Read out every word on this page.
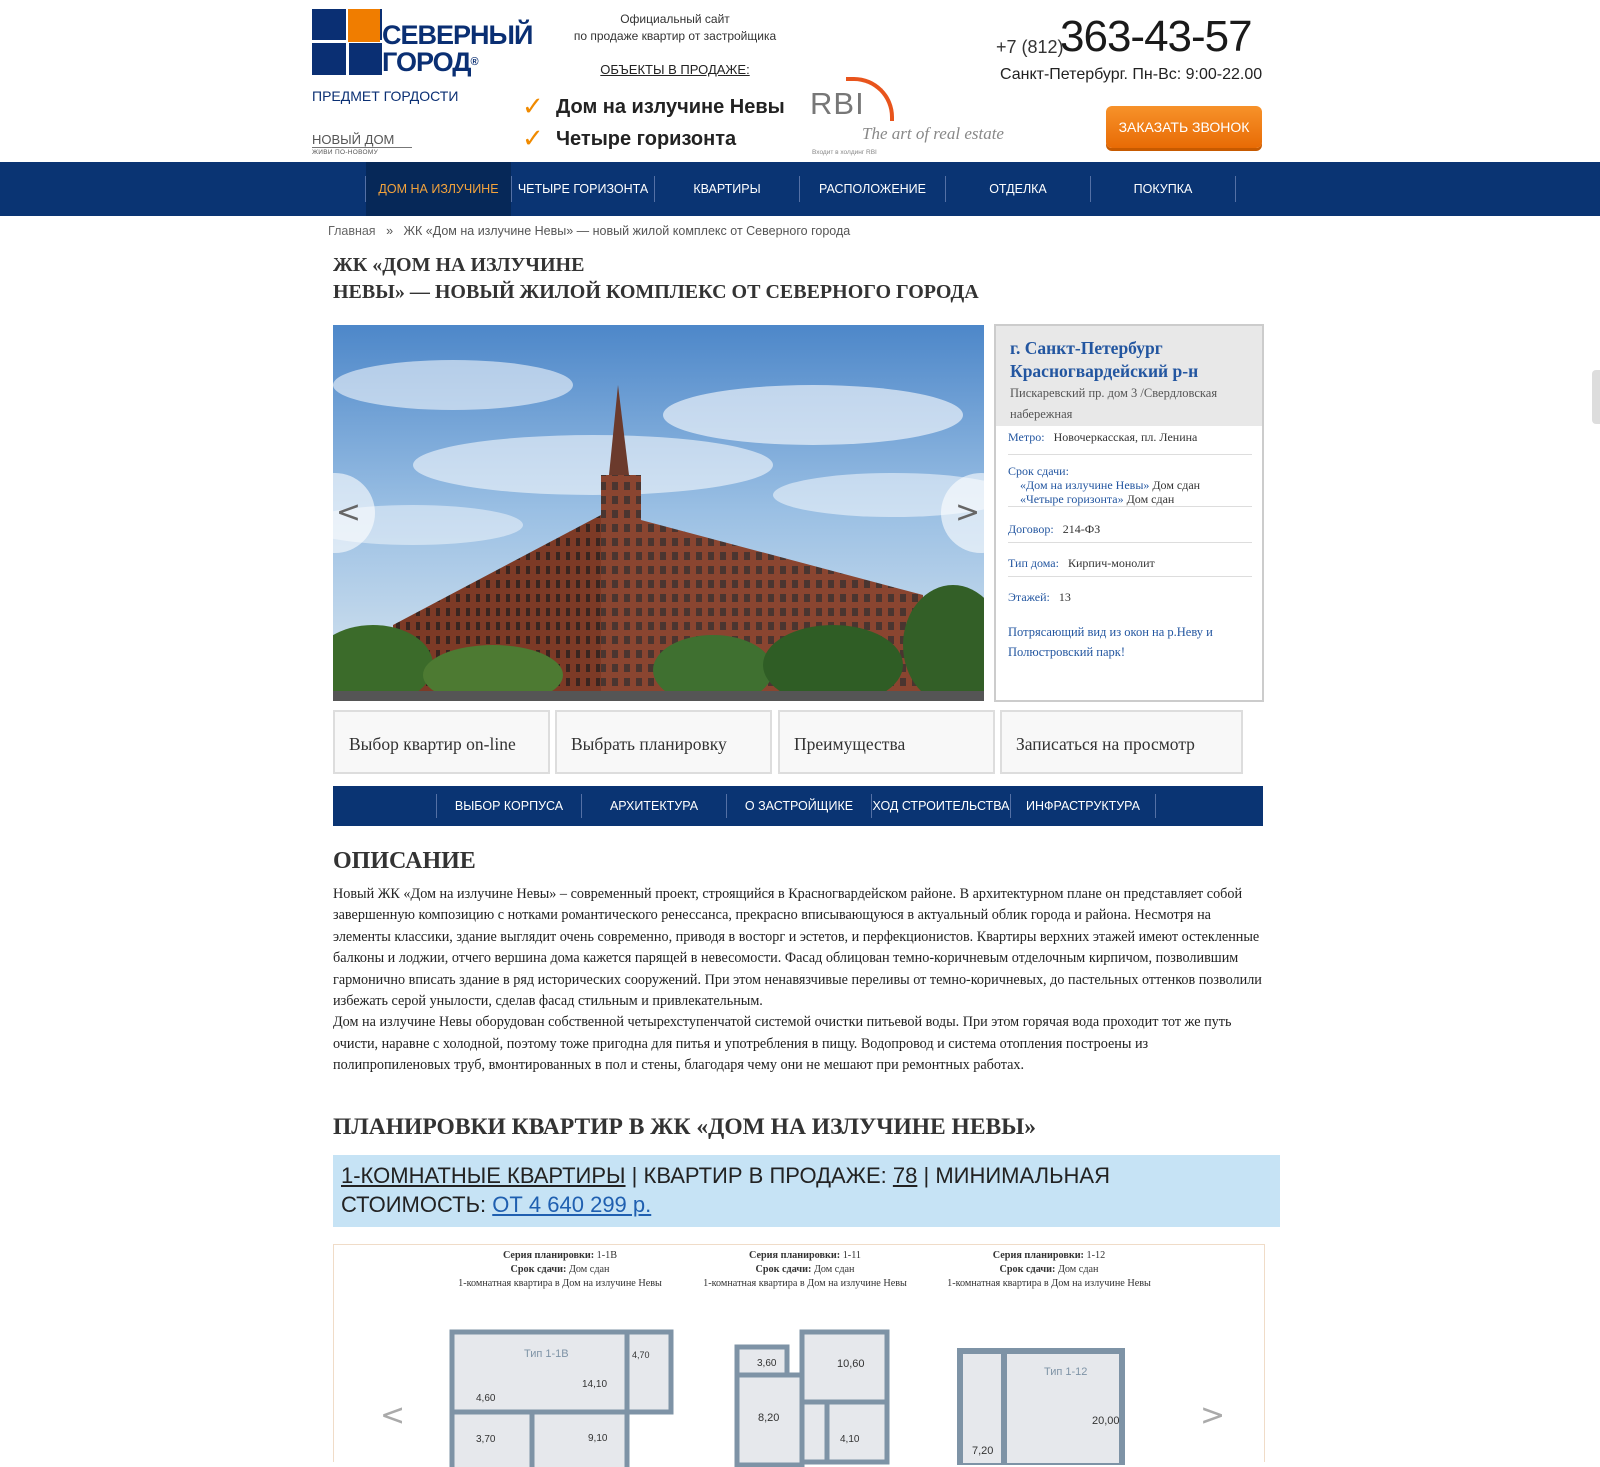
СЕВЕРНЫЙ
ГОРОД®
ПРЕДМЕТ ГОРДОСТИ
НОВЫЙ ДОМ
ЖИВИ ПО-НОВОМУ
Официальный сайт
по продаже квартир от застройщика
ОБЪЕКТЫ В ПРОДАЖЕ:
✓ Дом на излучине Невы
✓ Четыре горизонта
RBI
The art of real estate
Входит в холдинг RBI
+7 (812)
363-43-57
Санкт-Петербург. Пн-Вс: 9:00-22.00
ЗАКАЗАТЬ ЗВОНОК
ДОМ НА ИЗЛУЧИНЕ	ЧЕТЫРЕ ГОРИЗОНТА	КВАРТИРЫ	РАСПОЛОЖЕНИЕ	ОТДЕЛКА	ПОКУПКА
Главная » ЖК «Дом на излучине Невы» — новый жилой комплекс от Северного города
ЖК «ДОМ НА ИЗЛУЧИНЕ
НЕВЫ» — НОВЫЙ ЖИЛОЙ КОМПЛЕКС ОТ СЕВЕРНОГО ГОРОДА
<	>
г. Санкт-Петербург
Красногвардейский р-н
Пискаревский пр. дом 3 /Свердловская набережная
Метро: Новочеркасская, пл. Ленина
Срок сдачи:
«Дом на излучине Невы» Дом сдан
«Четыре горизонта» Дом сдан
Договор: 214-ФЗ
Тип дома: Кирпич-монолит
Этажей: 13
Потрясающий вид из окон на р.Неву и Полюстровский парк!
Выбор квартир on-line	Выбрать планировку	Преимущества	Записаться на просмотр
ВЫБОР КОРПУСА	АРХИТЕКТУРА	О ЗАСТРОЙЩИКЕ	ХОД СТРОИТЕЛЬСТВА	ИНФРАСТРУКТУРА
ОПИСАНИЕ

Новый ЖК «Дом на излучине Невы» – современный проект, строящийся в Красногвардейском районе. В архитектурном плане он представляет собой завершенную композицию с нотками романтического ренессанса, прекрасно вписывающуюся в актуальный облик города и района. Несмотря на элементы классики, здание выглядит очень современно, приводя в восторг и эстетов, и перфекционистов. Квартиры верхних этажей имеют остекленные балконы и лоджии, отчего вершина дома кажется парящей в невесомости. Фасад облицован темно-коричневым отделочным кирпичом, позволившим гармонично вписать здание в ряд исторических сооружений. При этом ненавязчивые переливы от темно-коричневых, до пастельных оттенков позволили избежать серой унылости, сделав фасад стильным и привлекательным.

Дом на излучине Невы оборудован собственной четырехступенчатой системой очистки питьевой воды. При этом горячая вода проходит тот же путь очисти, наравне с холодной, поэтому тоже пригодна для питья и употребления в пищу. Водопровод и система отопления построены из полипропиленовых труб, вмонтированных в пол и стены, благодаря чему они не мешают при ремонтных работах.

ПЛАНИРОВКИ КВАРТИР В ЖК «ДОМ НА ИЗЛУЧИНЕ НЕВЫ»
1-КОМНАТНЫЕ КВАРТИРЫ | КВАРТИР В ПРОДАЖЕ: 78 | МИНИМАЛЬНАЯ СТОИМОСТЬ: ОТ 4 640 299 р.
Серия планировки: 1-1В
Срок сдачи: Дом сдан
1-комнатная квартира в Дом на излучине Невы
Серия планировки: 1-11
Срок сдачи: Дом сдан
1-комнатная квартира в Дом на излучине Невы
Серия планировки: 1-12
Срок сдачи: Дом сдан
1-комнатная квартира в Дом на излучине Невы
Тип 1-1В	4,70
14,10
4,60
3,70	9,10
3,60	10,60
8,20
4,10
Тип 1-12
20,00
7,20
<	>
